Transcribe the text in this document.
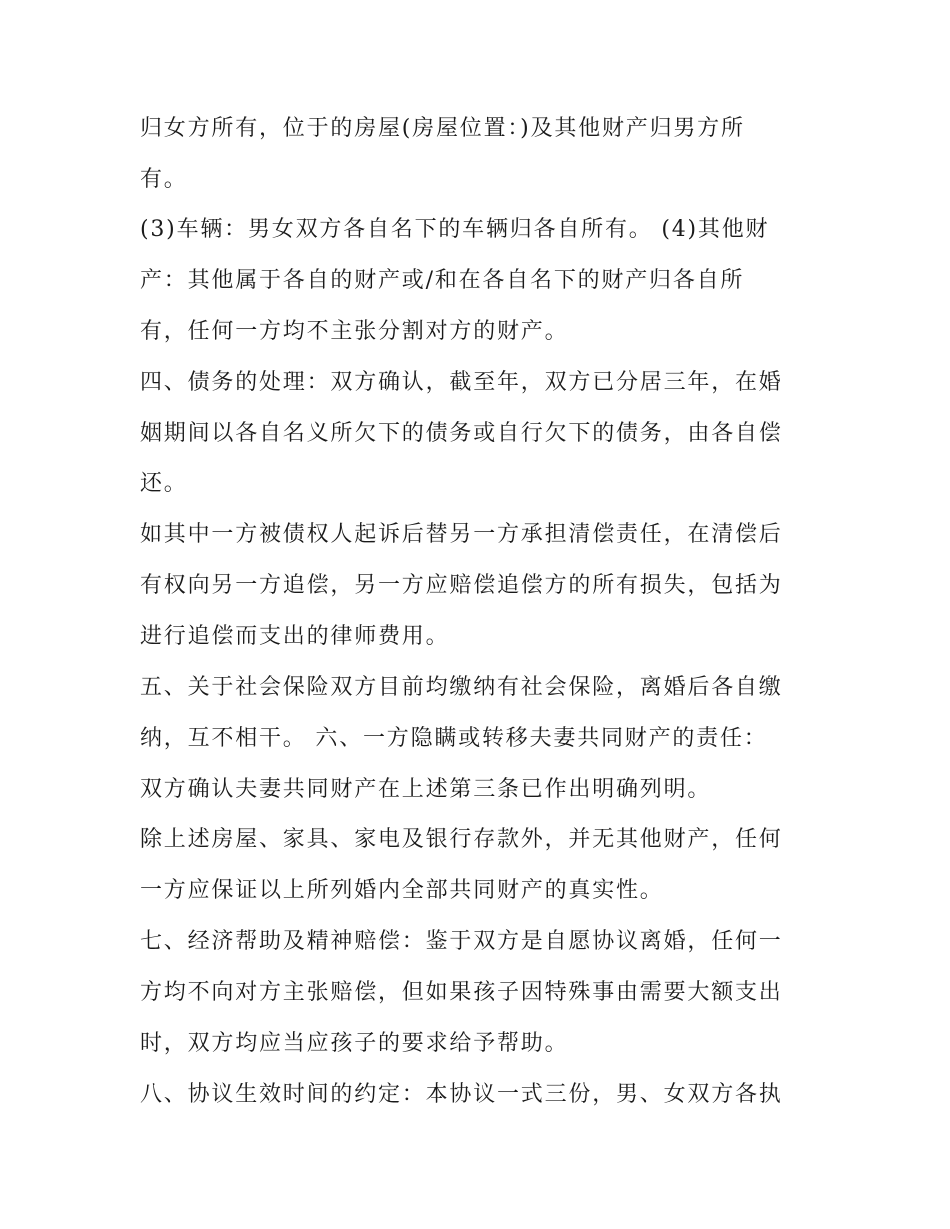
归女方所有，位于的房屋(房屋位置：)及其他财产归男方所
有。
(3)车辆：男女双方各自名下的车辆归各自所有。 (4)其他财
产：其他属于各自的财产或/和在各自名下的财产归各自所
有，任何一方均不主张分割对方的财产。
四、债务的处理：双方确认，截至年，双方已分居三年，在婚
姻期间以各自名义所欠下的债务或自行欠下的债务，由各自偿
还。
如其中一方被债权人起诉后替另一方承担清偿责任，在清偿后
有权向另一方追偿，另一方应赔偿追偿方的所有损失，包括为
进行追偿而支出的律师费用。
五、关于社会保险双方目前均缴纳有社会保险，离婚后各自缴
纳，互不相干。 六、一方隐瞒或转移夫妻共同财产的责任：
双方确认夫妻共同财产在上述第三条已作出明确列明。
除上述房屋、家具、家电及银行存款外，并无其他财产，任何
一方应保证以上所列婚内全部共同财产的真实性。
七、经济帮助及精神赔偿：鉴于双方是自愿协议离婚，任何一
方均不向对方主张赔偿，但如果孩子因特殊事由需要大额支出
时，双方均应当应孩子的要求给予帮助。
八、协议生效时间的约定：本协议一式三份，男、女双方各执
